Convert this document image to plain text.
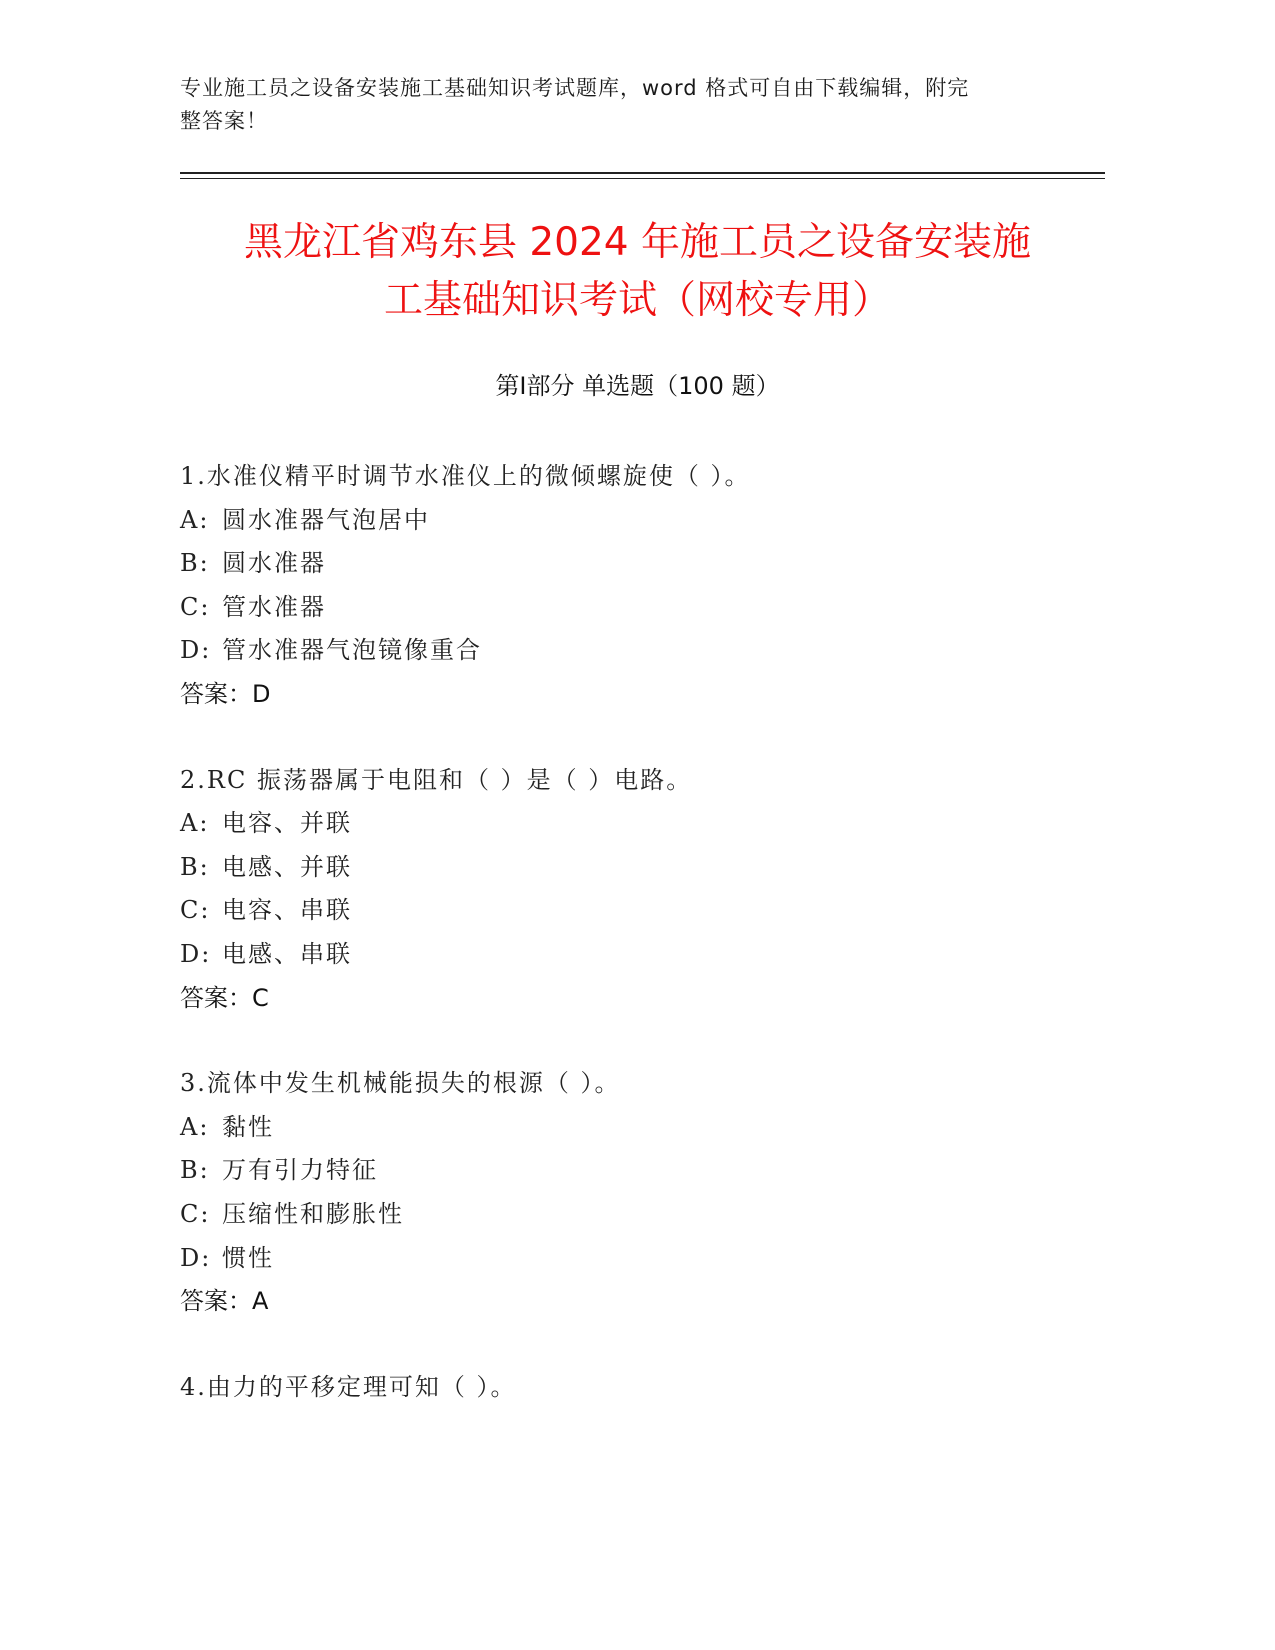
专业施工员之设备安装施工基础知识考试题库，word 格式可自由下载编辑，附完
整答案！
黑龙江省鸡东县 2024 年施工员之设备安装施
工基础知识考试（网校专用）
第Ⅰ部分 单选题（100 题）
1.水准仪精平时调节水准仪上的微倾螺旋使（ ）。
A: 圆水准器气泡居中
B: 圆水准器
C: 管水准器
D: 管水准器气泡镜像重合
答案：D
2.RC 振荡器属于电阻和（ ）是（ ）电路。
A: 电容、并联
B: 电感、并联
C: 电容、串联
D: 电感、串联
答案：C
3.流体中发生机械能损失的根源（ ）。
A: 黏性
B: 万有引力特征
C: 压缩性和膨胀性
D: 惯性
答案：A
4.由力的平移定理可知（ ）。
